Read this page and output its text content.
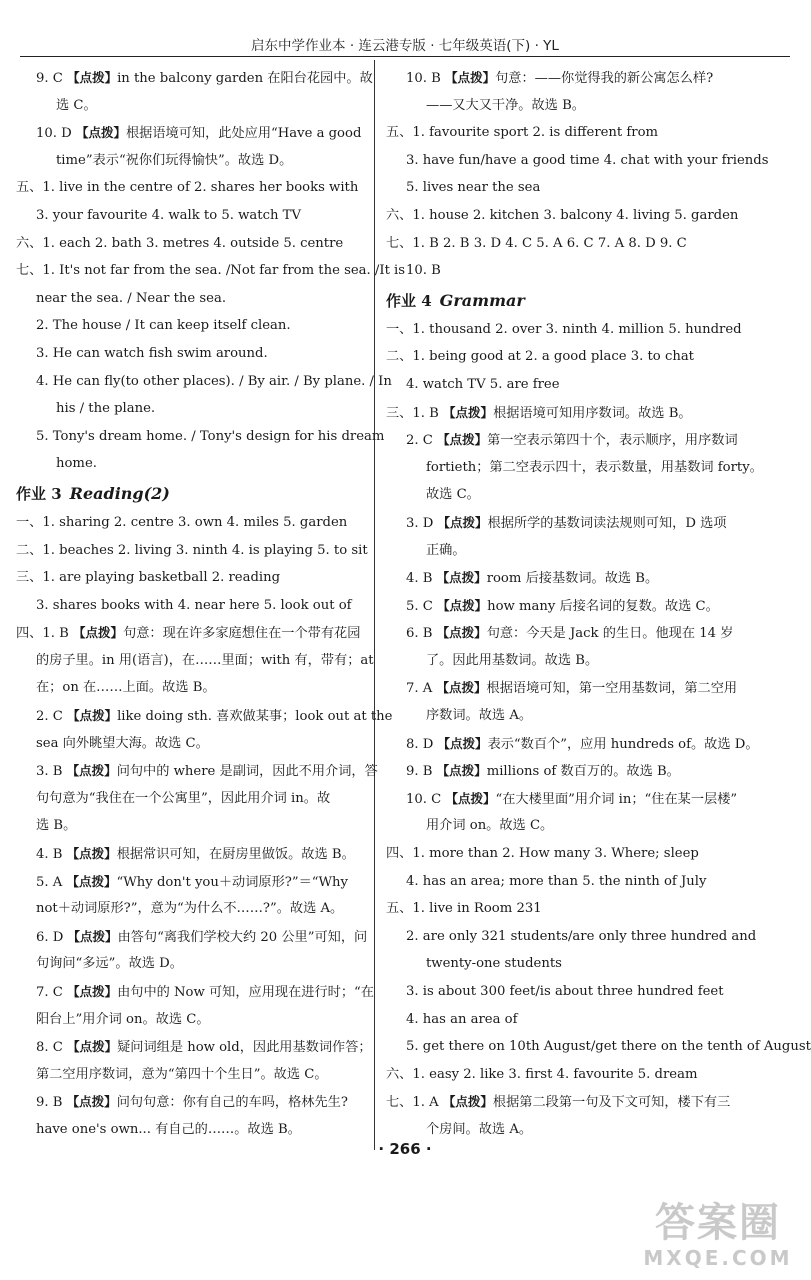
启东中学作业本 · 连云港专版 · 七年级英语(下) · YL
9. C 【点拨】in the balcony garden 在阳台花园中。故
选 C。
10. D 【点拨】根据语境可知，此处应用“Have a good
time”表示“祝你们玩得愉快”。故选 D。
五、1. live in the centre of 2. shares her books with
3. your favourite 4. walk to 5. watch TV
六、1. each 2. bath 3. metres 4. outside 5. centre
七、1. It's not far from the sea. /Not far from the sea. /It is
near the sea. / Near the sea.
2. The house / It can keep itself clean.
3. He can watch fish swim around.
4. He can fly(to other places). / By air. / By plane. / In
his / the plane.
5. Tony's dream home. / Tony's design for his dream
home.
作业 3 Reading(2)
一、1. sharing 2. centre 3. own 4. miles 5. garden
二、1. beaches 2. living 3. ninth 4. is playing 5. to sit
三、1. are playing basketball 2. reading
3. shares books with 4. near here 5. look out of
四、1. B 【点拨】句意：现在许多家庭想住在一个带有花园
的房子里。in 用(语言)，在……里面；with 有，带有；at
在；on 在……上面。故选 B。
2. C 【点拨】like doing sth. 喜欢做某事；look out at the
sea 向外眺望大海。故选 C。
3. B 【点拨】问句中的 where 是副词，因此不用介词，答
句句意为“我住在一个公寓里”，因此用介词 in。故
选 B。
4. B 【点拨】根据常识可知，在厨房里做饭。故选 B。
5. A 【点拨】“Why don't you＋动词原形?”＝“Why
not＋动词原形?”，意为“为什么不……?”。故选 A。
6. D 【点拨】由答句“离我们学校大约 20 公里”可知，问
句询问“多远”。故选 D。
7. C 【点拨】由句中的 Now 可知，应用现在进行时；“在
阳台上”用介词 on。故选 C。
8. C 【点拨】疑问词组是 how old，因此用基数词作答；
第二空用序数词，意为“第四十个生日”。故选 C。
9. B 【点拨】问句句意：你有自己的车吗，格林先生?
have one's own... 有自己的……。故选 B。
10. B 【点拨】句意：——你觉得我的新公寓怎么样?
——又大又干净。故选 B。
五、1. favourite sport 2. is different from
3. have fun/have a good time 4. chat with your friends
5. lives near the sea
六、1. house 2. kitchen 3. balcony 4. living 5. garden
七、1. B 2. B 3. D 4. C 5. A 6. C 7. A 8. D 9. C
10. B
作业 4 Grammar
一、1. thousand 2. over 3. ninth 4. million 5. hundred
二、1. being good at 2. a good place 3. to chat
4. watch TV 5. are free
三、1. B 【点拨】根据语境可知用序数词。故选 B。
2. C 【点拨】第一空表示第四十个，表示顺序，用序数词
fortieth；第二空表示四十，表示数量，用基数词 forty。
故选 C。
3. D 【点拨】根据所学的基数词读法规则可知，D 选项
正确。
4. B 【点拨】room 后接基数词。故选 B。
5. C 【点拨】how many 后接名词的复数。故选 C。
6. B 【点拨】句意：今天是 Jack 的生日。他现在 14 岁
了。因此用基数词。故选 B。
7. A 【点拨】根据语境可知，第一空用基数词，第二空用
序数词。故选 A。
8. D 【点拨】表示“数百个”，应用 hundreds of。故选 D。
9. B 【点拨】millions of 数百万的。故选 B。
10. C 【点拨】“在大楼里面”用介词 in；“住在某一层楼”
用介词 on。故选 C。
四、1. more than 2. How many 3. Where; sleep
4. has an area; more than 5. the ninth of July
五、1. live in Room 231
2. are only 321 students/are only three hundred and
twenty-one students
3. is about 300 feet/is about three hundred feet
4. has an area of
5. get there on 10th August/get there on the tenth of August
六、1. easy 2. like 3. first 4. favourite 5. dream
七、1. A 【点拨】根据第二段第一句及下文可知，楼下有三
个房间。故选 A。
· 266 ·
答案圈
MXQE.COM
